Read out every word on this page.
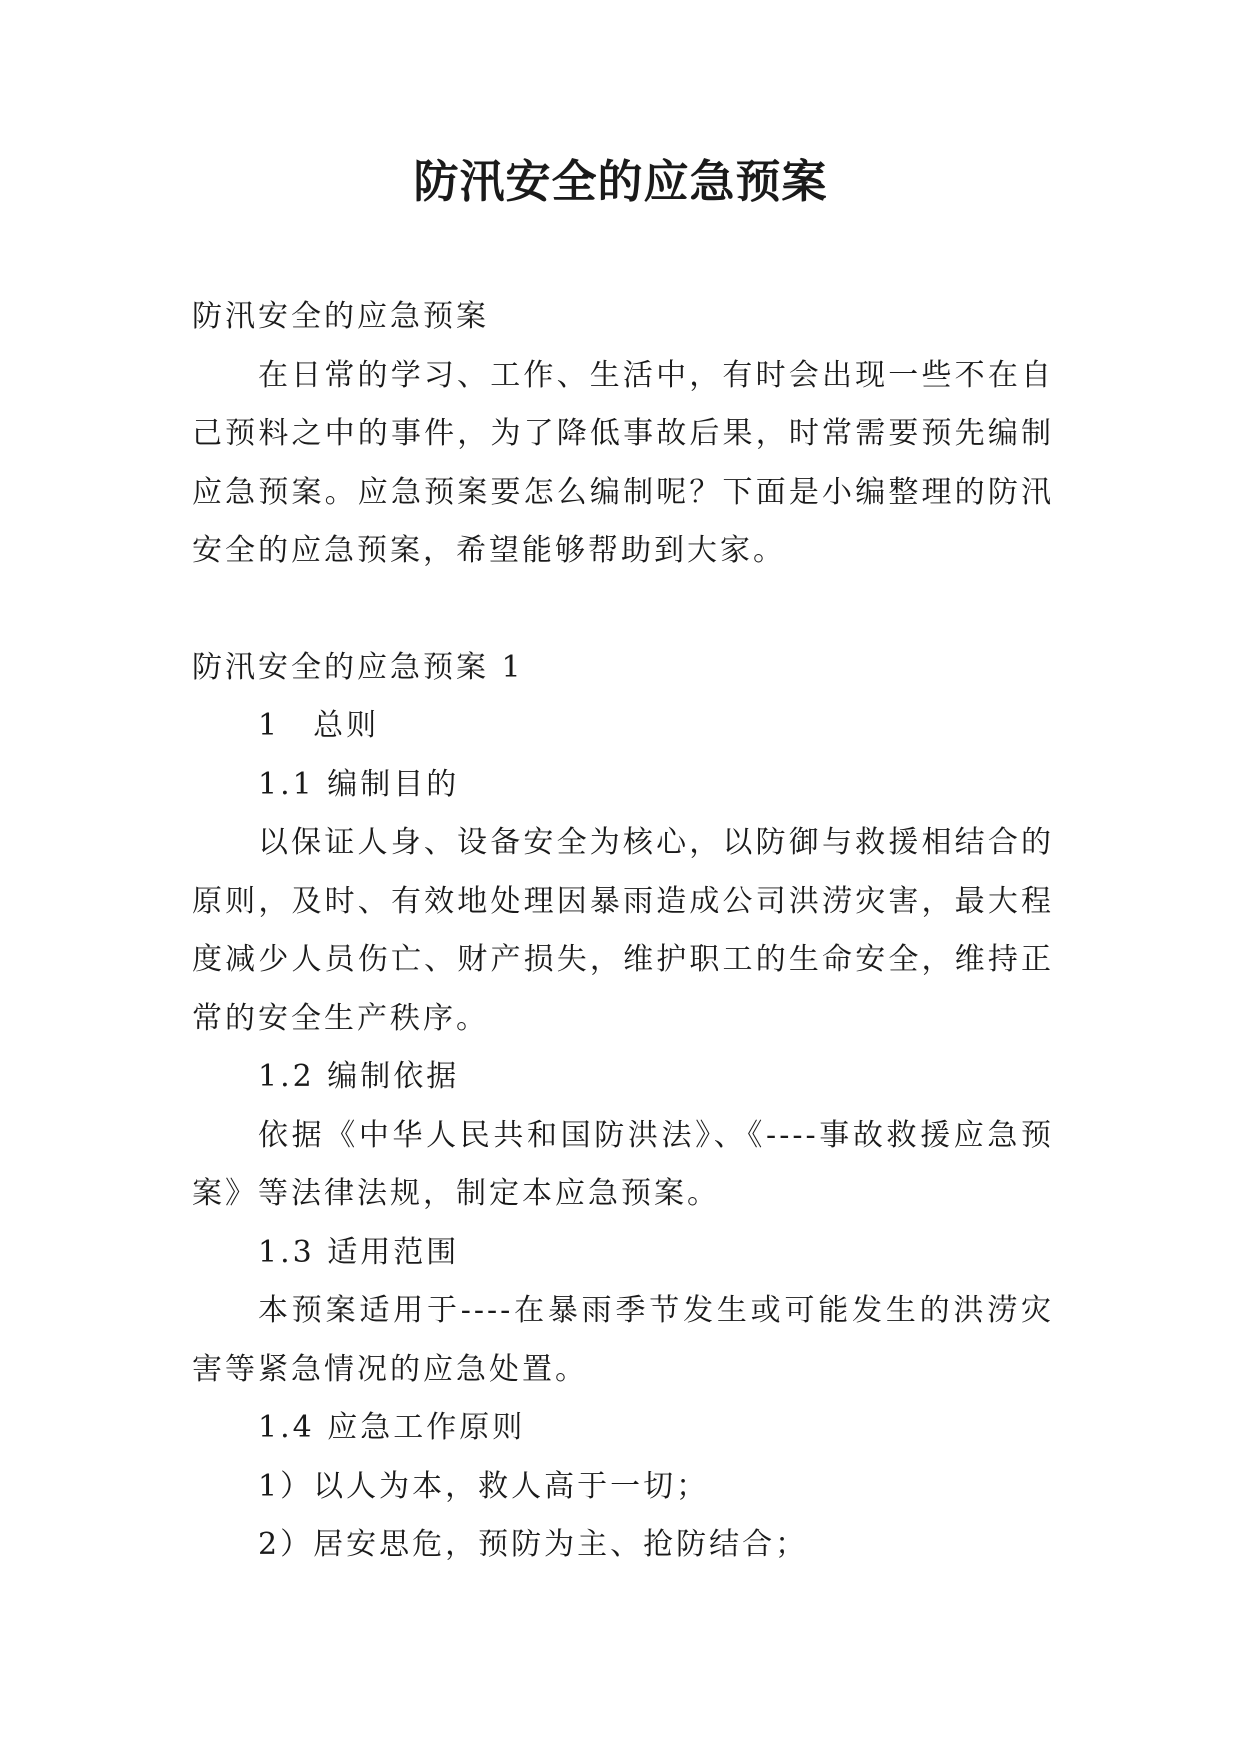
防汛安全的应急预案

防汛安全的应急预案

在日常的学习、工作、生活中，有时会出现一些不在自己预料之中的事件，为了降低事故后果，时常需要预先编制应急预案。应急预案要怎么编制呢？下面是小编整理的防汛安全的应急预案，希望能够帮助到大家。

防汛安全的应急预案 1

1　总则

1.1 编制目的

以保证人身、设备安全为核心，以防御与救援相结合的原则，及时、有效地处理因暴雨造成公司洪涝灾害，最大程度减少人员伤亡、财产损失，维护职工的生命安全，维持正常的安全生产秩序。

1.2 编制依据

依据《中华人民共和国防洪法》、《----事故救援应急预案》等法律法规，制定本应急预案。

1.3 适用范围

本预案适用于----在暴雨季节发生或可能发生的洪涝灾害等紧急情况的应急处置。

1.4 应急工作原则

1）以人为本，救人高于一切；

2）居安思危，预防为主、抢防结合；
